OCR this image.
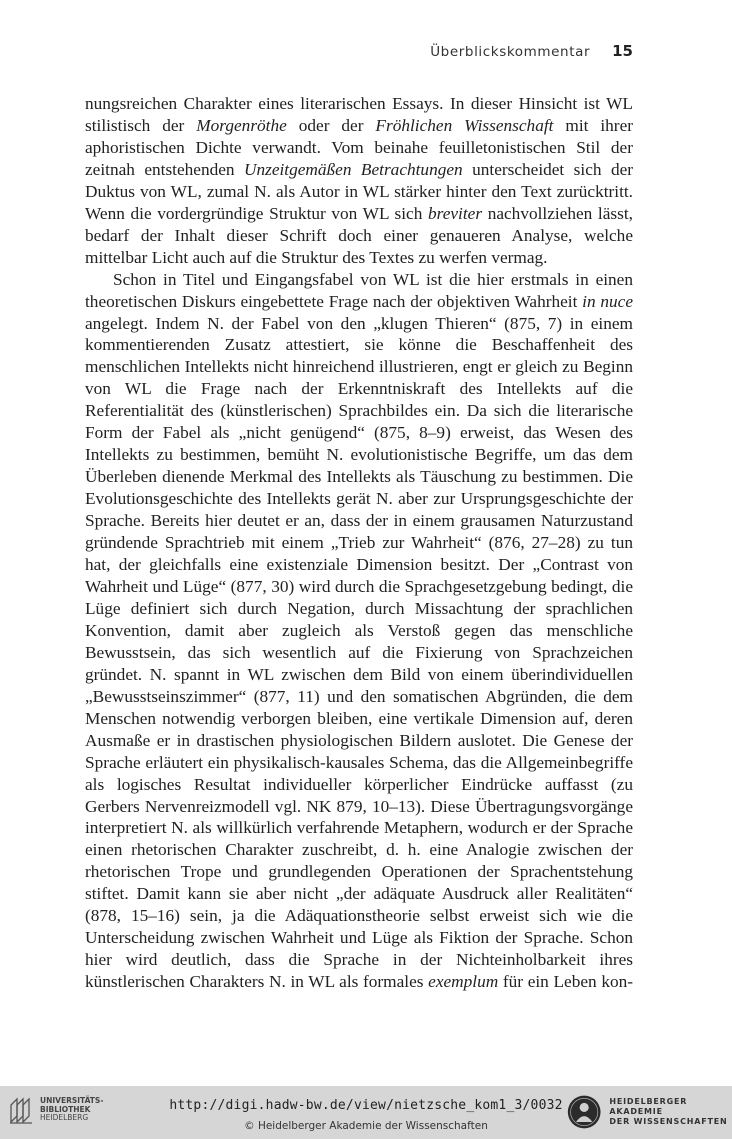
Überblickskommentar 15

nungsreichen Charakter eines literarischen Essays. In dieser Hinsicht ist WL stilistisch der Morgenröthe oder der Fröhlichen Wissenschaft mit ihrer aphoristischen Dichte verwandt. Vom beinahe feuilletonistischen Stil der zeitnah entstehenden Unzeitgemäßen Betrachtungen unterscheidet sich der Duktus von WL, zumal N. als Autor in WL stärker hinter den Text zurücktritt. Wenn die vordergründige Struktur von WL sich breviter nachvollziehen lässt, bedarf der Inhalt dieser Schrift doch einer genaueren Analyse, welche mittelbar Licht auch auf die Struktur des Textes zu werfen vermag.

Schon in Titel und Eingangsfabel von WL ist die hier erstmals in einen theoretischen Diskurs eingebettete Frage nach der objektiven Wahrheit in nuce angelegt. Indem N. der Fabel von den „klugen Thieren“ (875, 7) in einem kommentierenden Zusatz attestiert, sie könne die Beschaffenheit des menschlichen Intellekts nicht hinreichend illustrieren, engt er gleich zu Beginn von WL die Frage nach der Erkenntniskraft des Intellekts auf die Referentialität des (künstlerischen) Sprachbildes ein. Da sich die literarische Form der Fabel als „nicht genügend“ (875, 8–9) erweist, das Wesen des Intellekts zu bestimmen, bemüht N. evolutionistische Begriffe, um das dem Überleben dienende Merkmal des Intellekts als Täuschung zu bestimmen. Die Evolutionsgeschichte des Intellekts gerät N. aber zur Ursprungsgeschichte der Sprache. Bereits hier deutet er an, dass der in einem grausamen Naturzustand gründende Sprachtrieb mit einem „Trieb zur Wahrheit“ (876, 27–28) zu tun hat, der gleichfalls eine existenziale Dimension besitzt. Der „Contrast von Wahrheit und Lüge“ (877, 30) wird durch die Sprachgesetzgebung bedingt, die Lüge definiert sich durch Negation, durch Missachtung der sprachlichen Konvention, damit aber zugleich als Verstoß gegen das menschliche Bewusstsein, das sich wesentlich auf die Fixierung von Sprachzeichen gründet. N. spannt in WL zwischen dem Bild von einem überindividuellen „Bewusstseinszimmer“ (877, 11) und den somatischen Abgründen, die dem Menschen notwendig verborgen bleiben, eine vertikale Dimension auf, deren Ausmaße er in drastischen physiologischen Bildern auslotet. Die Genese der Sprache erläutert ein physikalisch-kausales Schema, das die Allgemeinbegriffe als logisches Resultat individueller körperlicher Eindrücke auffasst (zu Gerbers Nervenreizmodell vgl. NK 879, 10–13). Diese Übertragungsvorgänge interpretiert N. als willkürlich verfahrende Metaphern, wodurch er der Sprache einen rhetorischen Charakter zuschreibt, d. h. eine Analogie zwischen der rhetorischen Trope und grundlegenden Operationen der Sprachentstehung stiftet. Damit kann sie aber nicht „der adäquate Ausdruck aller Realitäten“ (878, 15–16) sein, ja die Adäquationstheorie selbst erweist sich wie die Unterscheidung zwischen Wahrheit und Lüge als Fiktion der Sprache. Schon hier wird deutlich, dass die Sprache in der Nichteinholbarkeit ihres künstlerischen Charakters N. in WL als formales exemplum für ein Leben kon-

UNIVERSITÄTS-
BIBLIOTHEK
HEIDELBERG
http://digi.hadw-bw.de/view/nietzsche_kom1_3/0032
© Heidelberger Akademie der Wissenschaften
HEIDELBERGER AKADEMIE
DER WISSENSCHAFTEN
